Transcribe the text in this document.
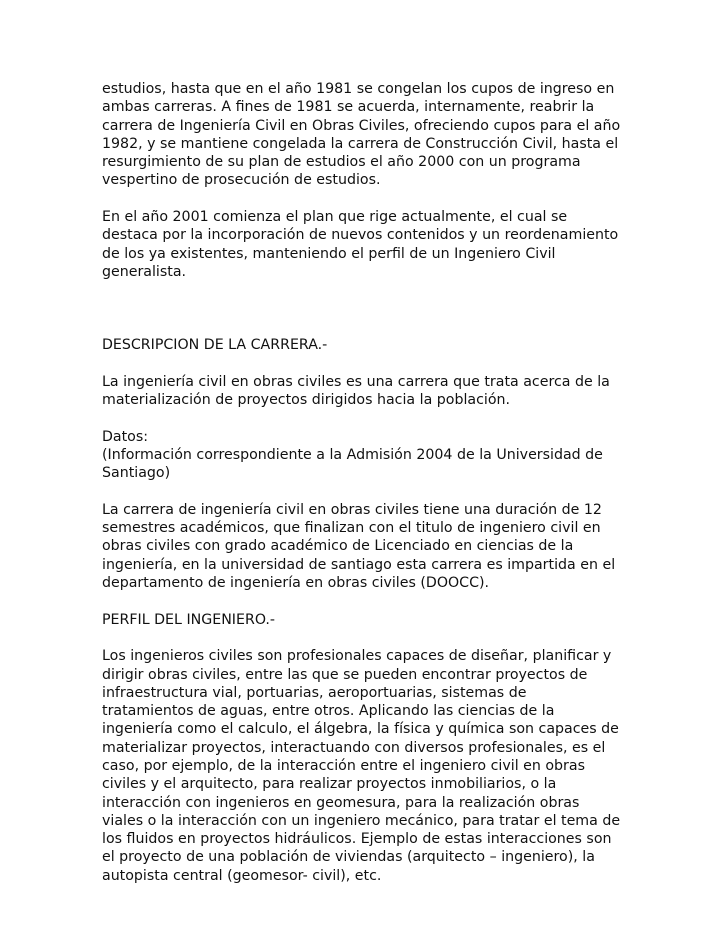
estudios, hasta que en el año 1981 se congelan los cupos de ingreso en
ambas carreras. A fines de 1981 se acuerda, internamente, reabrir la
carrera de Ingeniería Civil en Obras Civiles, ofreciendo cupos para el año
1982, y se mantiene congelada la carrera de Construcción Civil, hasta el
resurgimiento de su plan de estudios el año 2000 con un programa
vespertino de prosecución de estudios.
En el año 2001 comienza el plan que rige actualmente, el cual se
destaca por la incorporación de nuevos contenidos y un reordenamiento
de los ya existentes, manteniendo el perfil de un Ingeniero Civil
generalista.
DESCRIPCION DE LA CARRERA.-
La ingeniería civil en obras civiles es una carrera que trata acerca de la
materialización de proyectos dirigidos hacia la población.
Datos:
(Información correspondiente a la Admisión 2004 de la Universidad de
Santiago)
La carrera de ingeniería civil en obras civiles tiene una duración de 12
semestres académicos, que finalizan con el titulo de ingeniero civil en
obras civiles con grado académico de Licenciado en ciencias de la
ingeniería, en la universidad de santiago esta carrera es impartida en el
departamento de ingeniería en obras civiles (DOOCC).
PERFIL DEL INGENIERO.-
Los ingenieros civiles son profesionales capaces de diseñar, planificar y
dirigir obras civiles, entre las que se pueden encontrar proyectos de
infraestructura vial, portuarias, aeroportuarias, sistemas de
tratamientos de aguas, entre otros. Aplicando las ciencias de la
ingeniería como el calculo, el álgebra, la física y química son capaces de
materializar proyectos, interactuando con diversos profesionales, es el
caso, por ejemplo, de la interacción entre el ingeniero civil en obras
civiles y el arquitecto, para realizar proyectos inmobiliarios, o la
interacción con ingenieros en geomesura, para la realización obras
viales o la interacción con un ingeniero mecánico, para tratar el tema de
los fluidos en proyectos hidráulicos. Ejemplo de estas interacciones son
el proyecto de una población de viviendas (arquitecto – ingeniero), la
autopista central (geomesor- civil), etc.
